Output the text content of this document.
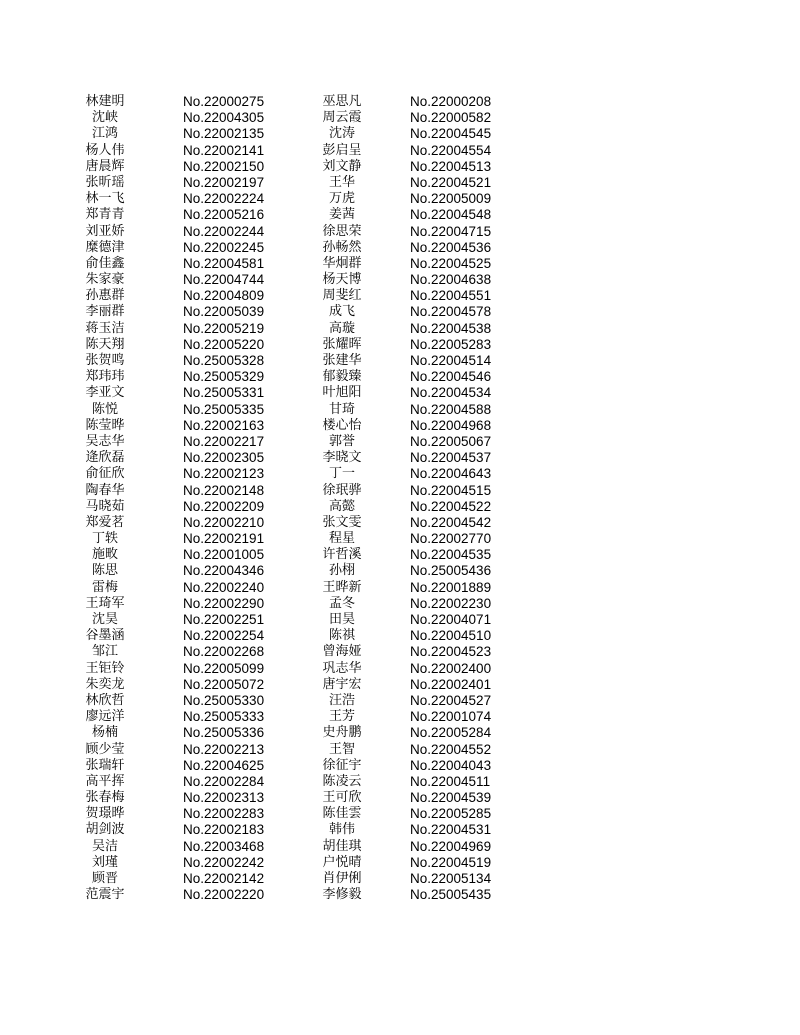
林建明	No.22000275	巫思凡	No.22000208
沈峡	No.22004305	周云霞	No.22000582
江鸿	No.22002135	沈涛	No.22004545
杨人伟	No.22002141	彭启呈	No.22004554
唐晨辉	No.22002150	刘文静	No.22004513
张昕瑶	No.22002197	王华	No.22004521
林一飞	No.22002224	万虎	No.22005009
郑青青	No.22005216	姜茜	No.22004548
刘亚娇	No.22002244	徐思荣	No.22004715
糜德津	No.22002245	孙畅然	No.22004536
俞佳鑫	No.22004581	华炯群	No.22004525
朱家豪	No.22004744	杨天博	No.22004638
孙惠群	No.22004809	周斐红	No.22004551
李丽群	No.22005039	成飞	No.22004578
蒋玉洁	No.22005219	高璇	No.22004538
陈天翔	No.22005220	张耀晖	No.22005283
张贺鸣	No.25005328	张建华	No.22004514
郑玮玮	No.25005329	郁毅臻	No.22004546
李亚文	No.25005331	叶旭阳	No.22004534
陈悦	No.25005335	甘琦	No.22004588
陈莹晔	No.22002163	楼心怡	No.22004968
吴志华	No.22002217	郭誉	No.22005067
逄欣磊	No.22002305	李晓文	No.22004537
俞征欣	No.22002123	丁一	No.22004643
陶春华	No.22002148	徐珉骅	No.22004515
马晓茹	No.22002209	高懿	No.22004522
郑爱茗	No.22002210	张文雯	No.22004542
丁轶	No.22002191	程星	No.22002770
施畋	No.22001005	许哲溪	No.22004535
陈思	No.22004346	孙栩	No.25005436
雷梅	No.22002240	王晔新	No.22001889
王琦军	No.22002290	孟冬	No.22002230
沈昊	No.22002251	田昊	No.22004071
谷墨涵	No.22002254	陈祺	No.22004510
邹江	No.22002268	曾海娅	No.22004523
王钜铃	No.22005099	巩志华	No.22002400
朱奕龙	No.22005072	唐宇宏	No.22002401
林欣哲	No.25005330	汪浩	No.22004527
廖远洋	No.25005333	王芳	No.22001074
杨楠	No.25005336	史舟鹏	No.22005284
顾少莹	No.22002213	王智	No.22004552
张瑞轩	No.22004625	徐征宇	No.22004043
高平挥	No.22002284	陈凌云	No.22004511
张春梅	No.22002313	王可欣	No.22004539
贺璟晔	No.22002283	陈佳雲	No.22005285
胡剑波	No.22002183	韩伟	No.22004531
吴洁	No.22003468	胡佳琪	No.22004969
刘瑾	No.22002242	户悦晴	No.22004519
顾晋	No.22002142	肖伊俐	No.22005134
范震宇	No.22002220	李修毅	No.25005435
